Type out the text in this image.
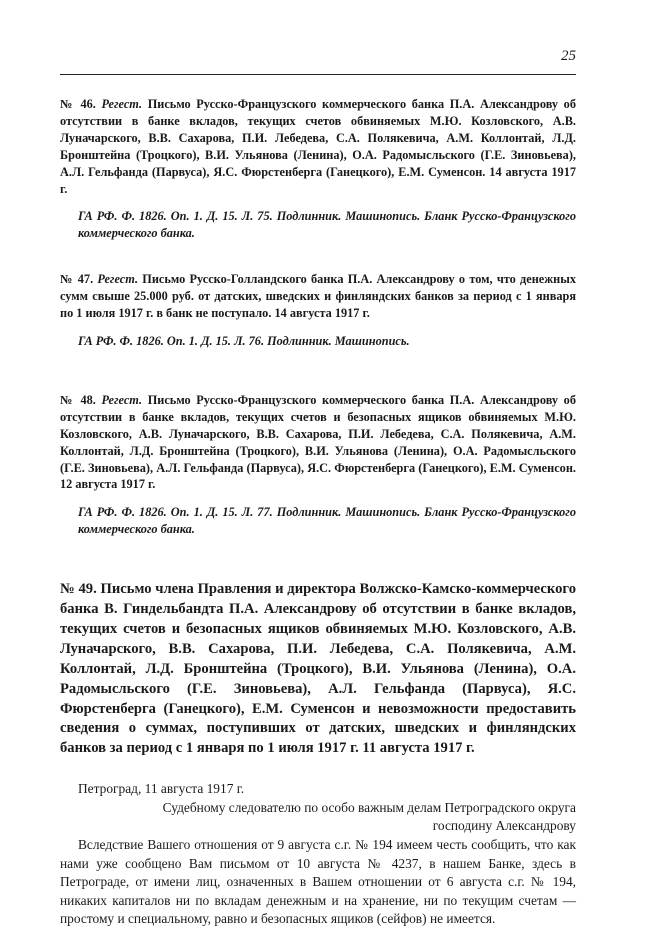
25

№ 46. Регест. Письмо Русско-Французского коммерческого банка П.А. Александрову об отсутствии в банке вкладов, текущих счетов обвиняемых М.Ю. Козловского, А.В. Луначарского, В.В. Сахарова, П.И. Лебедева, С.А. Полякевича, А.М. Коллонтай, Л.Д. Бронштейна (Троцкого), В.И. Ульянова (Ленина), О.А. Радомысльского (Г.Е. Зиновьева), А.Л. Гельфанда (Парвуса), Я.С. Фюрстенберга (Ганецкого), Е.М. Суменсон. 14 августа 1917 г.

ГА РФ. Ф. 1826. Оп. 1. Д. 15. Л. 75. Подлинник. Машинопись. Бланк Русско-Французского коммерческого банка.

№ 47. Регест. Письмо Русско-Голландского банка П.А. Александрову о том, что денежных сумм свыше 25.000 руб. от датских, шведских и финляндских банков за период с 1 января по 1 июля 1917 г. в банк не поступало. 14 августа 1917 г.

ГА РФ. Ф. 1826. Оп. 1. Д. 15. Л. 76. Подлинник. Машинопись.

№ 48. Регест. Письмо Русско-Французского коммерческого банка П.А. Александрову об отсутствии в банке вкладов, текущих счетов и безопасных ящиков обвиняемых М.Ю. Козловского, А.В. Луначарского, В.В. Сахарова, П.И. Лебедева, С.А. Полякевича, А.М. Коллонтай, Л.Д. Бронштейна (Троцкого), В.И. Ульянова (Ленина), О.А. Радомысльского (Г.Е. Зиновьева), А.Л. Гельфанда (Парвуса), Я.С. Фюрстенберга (Ганецкого), Е.М. Суменсон. 12 августа 1917 г.

ГА РФ. Ф. 1826. Оп. 1. Д. 15. Л. 77. Подлинник. Машинопись. Бланк Русско-Французского коммерческого банка.

№ 49. Письмо члена Правления и директора Волжско-Камско-коммерческого банка В. Гиндельбандта П.А. Александрову об отсутствии в банке вкладов, текущих счетов и безопасных ящиков обвиняемых М.Ю. Козловского, А.В. Луначарского, В.В. Сахарова, П.И. Лебедева, С.А. Полякевича, А.М. Коллонтай, Л.Д. Бронштейна (Троцкого), В.И. Ульянова (Ленина), О.А. Радомысльского (Г.Е. Зиновьева), А.Л. Гельфанда (Парвуса), Я.С. Фюрстенберга (Ганецкого), Е.М. Суменсон и невозможности предоставить сведения о суммах, поступивших от датских, шведских и финляндских банков за период с 1 января по 1 июля 1917 г. 11 августа 1917 г.

Петроград, 11 августа 1917 г.

Судебному следователю по особо важным делам Петроградского округа

господину Александрову

Вследствие Вашего отношения от 9 августа с.г. № 194 имеем честь сообщить, что как нами уже сообщено Вам письмом от 10 августа № 4237, в нашем Банке, здесь в Петрограде, от имени лиц, означенных в Вашем отношении от 6 августа с.г. № 194, никаких капиталов ни по вкладам денежным и на хранение, ни по текущим счетам — простому и специальному, равно и безопасных ящиков (сейфов) не имеется.
